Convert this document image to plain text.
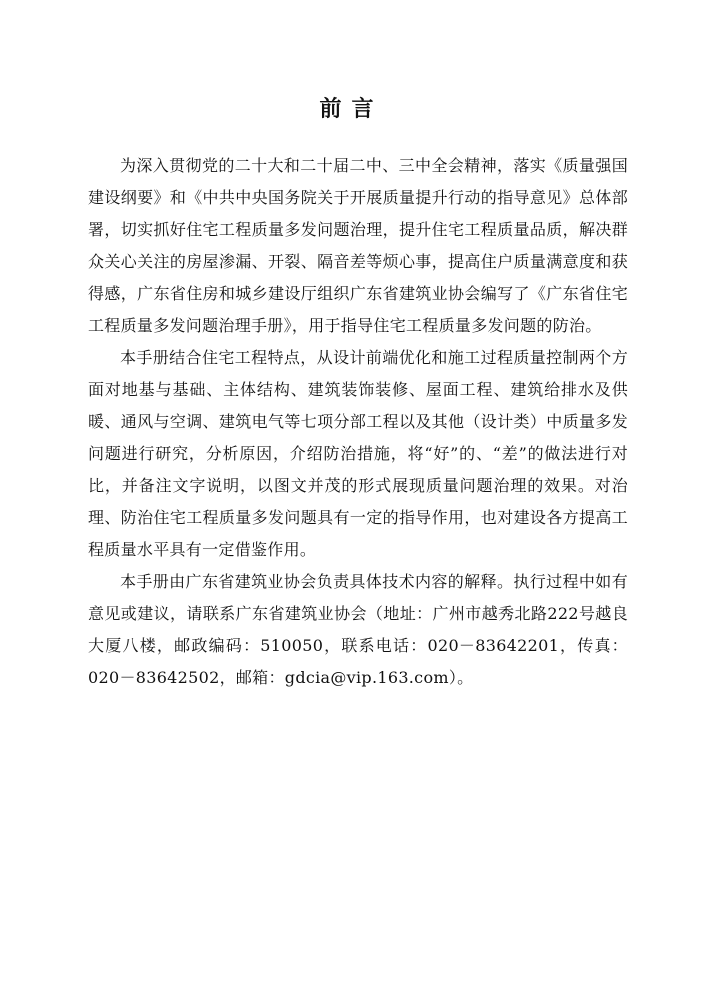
前言

为深入贯彻党的二十大和二十届二中、三中全会精神，落实《质量强国建设纲要》和《中共中央国务院关于开展质量提升行动的指导意见》总体部署，切实抓好住宅工程质量多发问题治理，提升住宅工程质量品质，解决群众关心关注的房屋渗漏、开裂、隔音差等烦心事，提高住户质量满意度和获得感，广东省住房和城乡建设厅组织广东省建筑业协会编写了《广东省住宅工程质量多发问题治理手册》，用于指导住宅工程质量多发问题的防治。

本手册结合住宅工程特点，从设计前端优化和施工过程质量控制两个方面对地基与基础、主体结构、建筑装饰装修、屋面工程、建筑给排水及供暖、通风与空调、建筑电气等七项分部工程以及其他（设计类）中质量多发问题进行研究，分析原因，介绍防治措施，将“好”的、“差”的做法进行对比，并备注文字说明，以图文并茂的形式展现质量问题治理的效果。对治理、防治住宅工程质量多发问题具有一定的指导作用，也对建设各方提高工程质量水平具有一定借鉴作用。

本手册由广东省建筑业协会负责具体技术内容的解释。执行过程中如有意见或建议，请联系广东省建筑业协会（地址：广州市越秀北路222号越良大厦八楼，邮政编码：510050，联系电话：020－83642201，传真：020－83642502，邮箱：gdcia@vip.163.com）。
